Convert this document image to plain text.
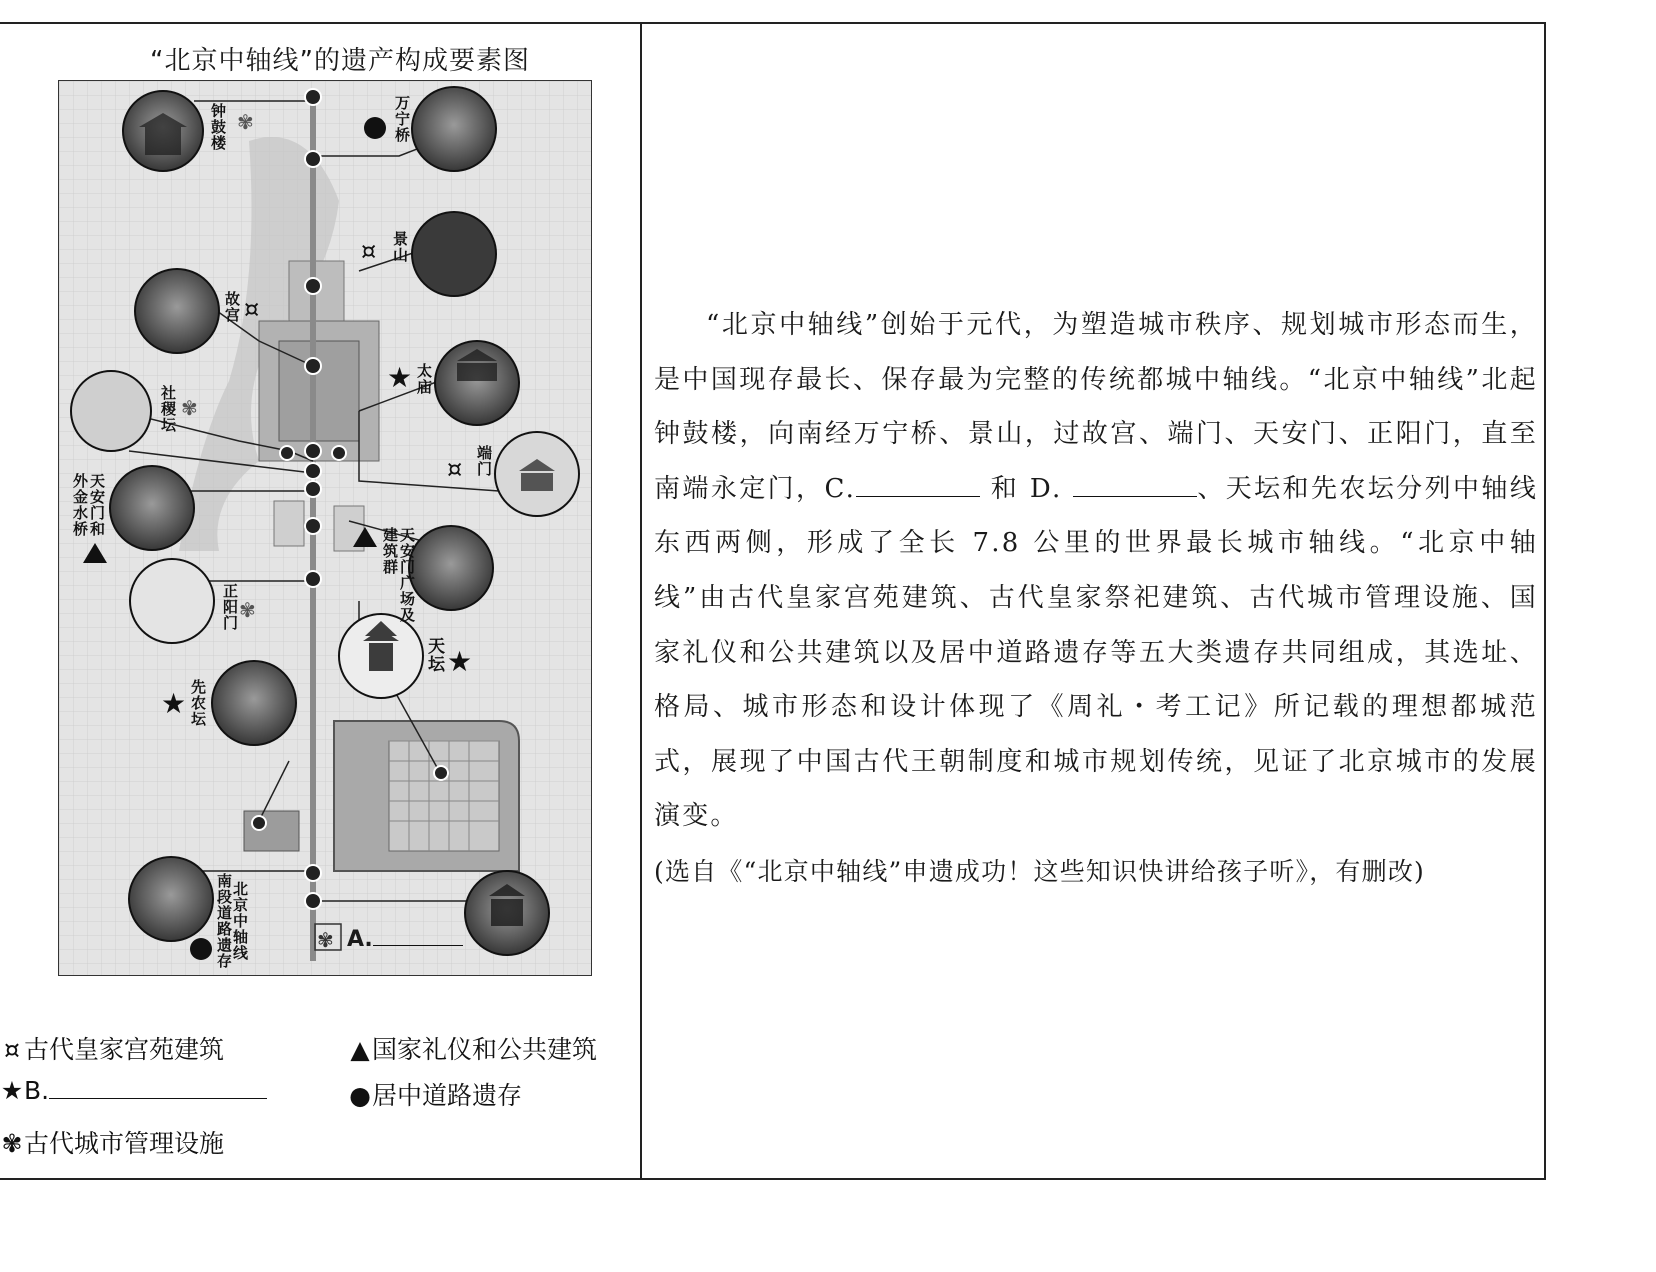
“北京中轴线”的遗产构成要素图
★
★
★
¤
¤
¤
✾
✾
✾
✾
钟鼓楼	万宁桥
景山
故宫
太庙
社稷坛
端门
天安门和外金水桥
天安门广场及建筑群
正阳门
天坛
先农坛
南段道路遗存
北京中轴线	A.
¤ 古代皇家宫苑建筑	▲国家礼仪和公共建筑
★B.	●居中道路遗存
✾古代城市管理设施

“北京中轴线”创始于元代，为塑造城市秩序、规划城市形态而生，是中国现存最长、保存最为完整的传统都城中轴线。“北京中轴线”北起钟鼓楼，向南经万宁桥、景山，过故宫、端门、天安门、正阳门，直至南端永定门，C.	和 D.	、天坛和先农坛分列中轴线东西两侧，形成了全长 7.8 公里的世界最长城市轴线。“北京中轴线”由古代皇家宫苑建筑、古代皇家祭祀建筑、古代城市管理设施、国家礼仪和公共建筑以及居中道路遗存等五大类遗存共同组成，其选址、格局、城市形态和设计体现了《周礼・考工记》所记载的理想都城范式，展现了中国古代王朝制度和城市规划传统，见证了北京城市的发展演变。

(选自《“北京中轴线”申遗成功！这些知识快讲给孩子听》，有删改)
